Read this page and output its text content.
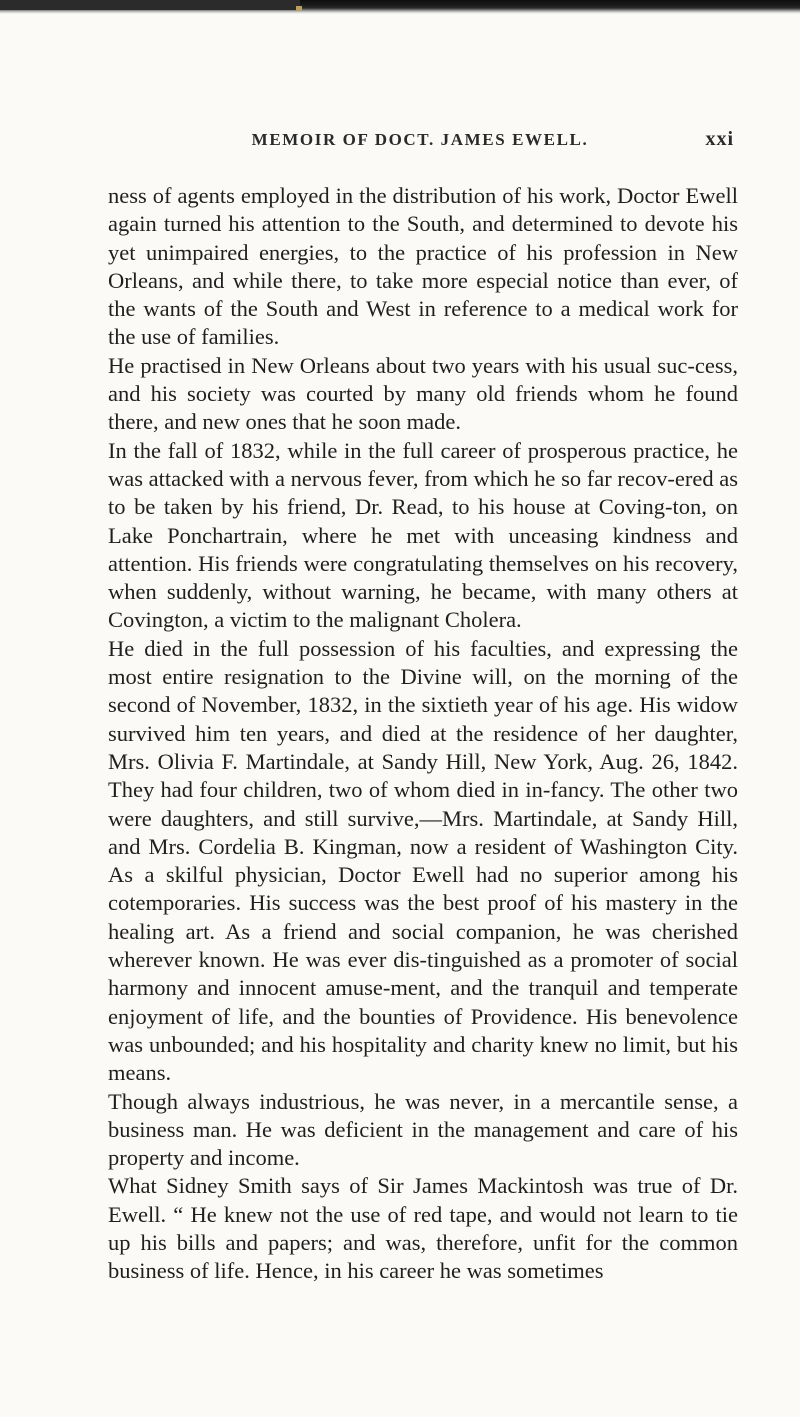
MEMOIR OF DOCT. JAMES EWELL.	xxi

ness of agents employed in the distribution of his work, Doctor Ewell again turned his attention to the South, and determined to devote his yet unimpaired energies, to the practice of his profession in New Orleans, and while there, to take more especial notice than ever, of the wants of the South and West in reference to a medical work for the use of families.

He practised in New Orleans about two years with his usual suc-cess, and his society was courted by many old friends whom he found there, and new ones that he soon made.

In the fall of 1832, while in the full career of prosperous practice, he was attacked with a nervous fever, from which he so far recov-ered as to be taken by his friend, Dr. Read, to his house at Coving-ton, on Lake Ponchartrain, where he met with unceasing kindness and attention. His friends were congratulating themselves on his recovery, when suddenly, without warning, he became, with many others at Covington, a victim to the malignant Cholera.

He died in the full possession of his faculties, and expressing the most entire resignation to the Divine will, on the morning of the second of November, 1832, in the sixtieth year of his age. His widow survived him ten years, and died at the residence of her daughter, Mrs. Olivia F. Martindale, at Sandy Hill, New York, Aug. 26, 1842. They had four children, two of whom died in in-fancy. The other two were daughters, and still survive,—Mrs. Martindale, at Sandy Hill, and Mrs. Cordelia B. Kingman, now a resident of Washington City. As a skilful physician, Doctor Ewell had no superior among his cotemporaries. His success was the best proof of his mastery in the healing art. As a friend and social companion, he was cherished wherever known. He was ever dis-tinguished as a promoter of social harmony and innocent amuse-ment, and the tranquil and temperate enjoyment of life, and the bounties of Providence. His benevolence was unbounded; and his hospitality and charity knew no limit, but his means.

Though always industrious, he was never, in a mercantile sense, a business man. He was deficient in the management and care of his property and income.

What Sidney Smith says of Sir James Mackintosh was true of Dr. Ewell. “ He knew not the use of red tape, and would not learn to tie up his bills and papers; and was, therefore, unfit for the common business of life. Hence, in his career he was sometimes
